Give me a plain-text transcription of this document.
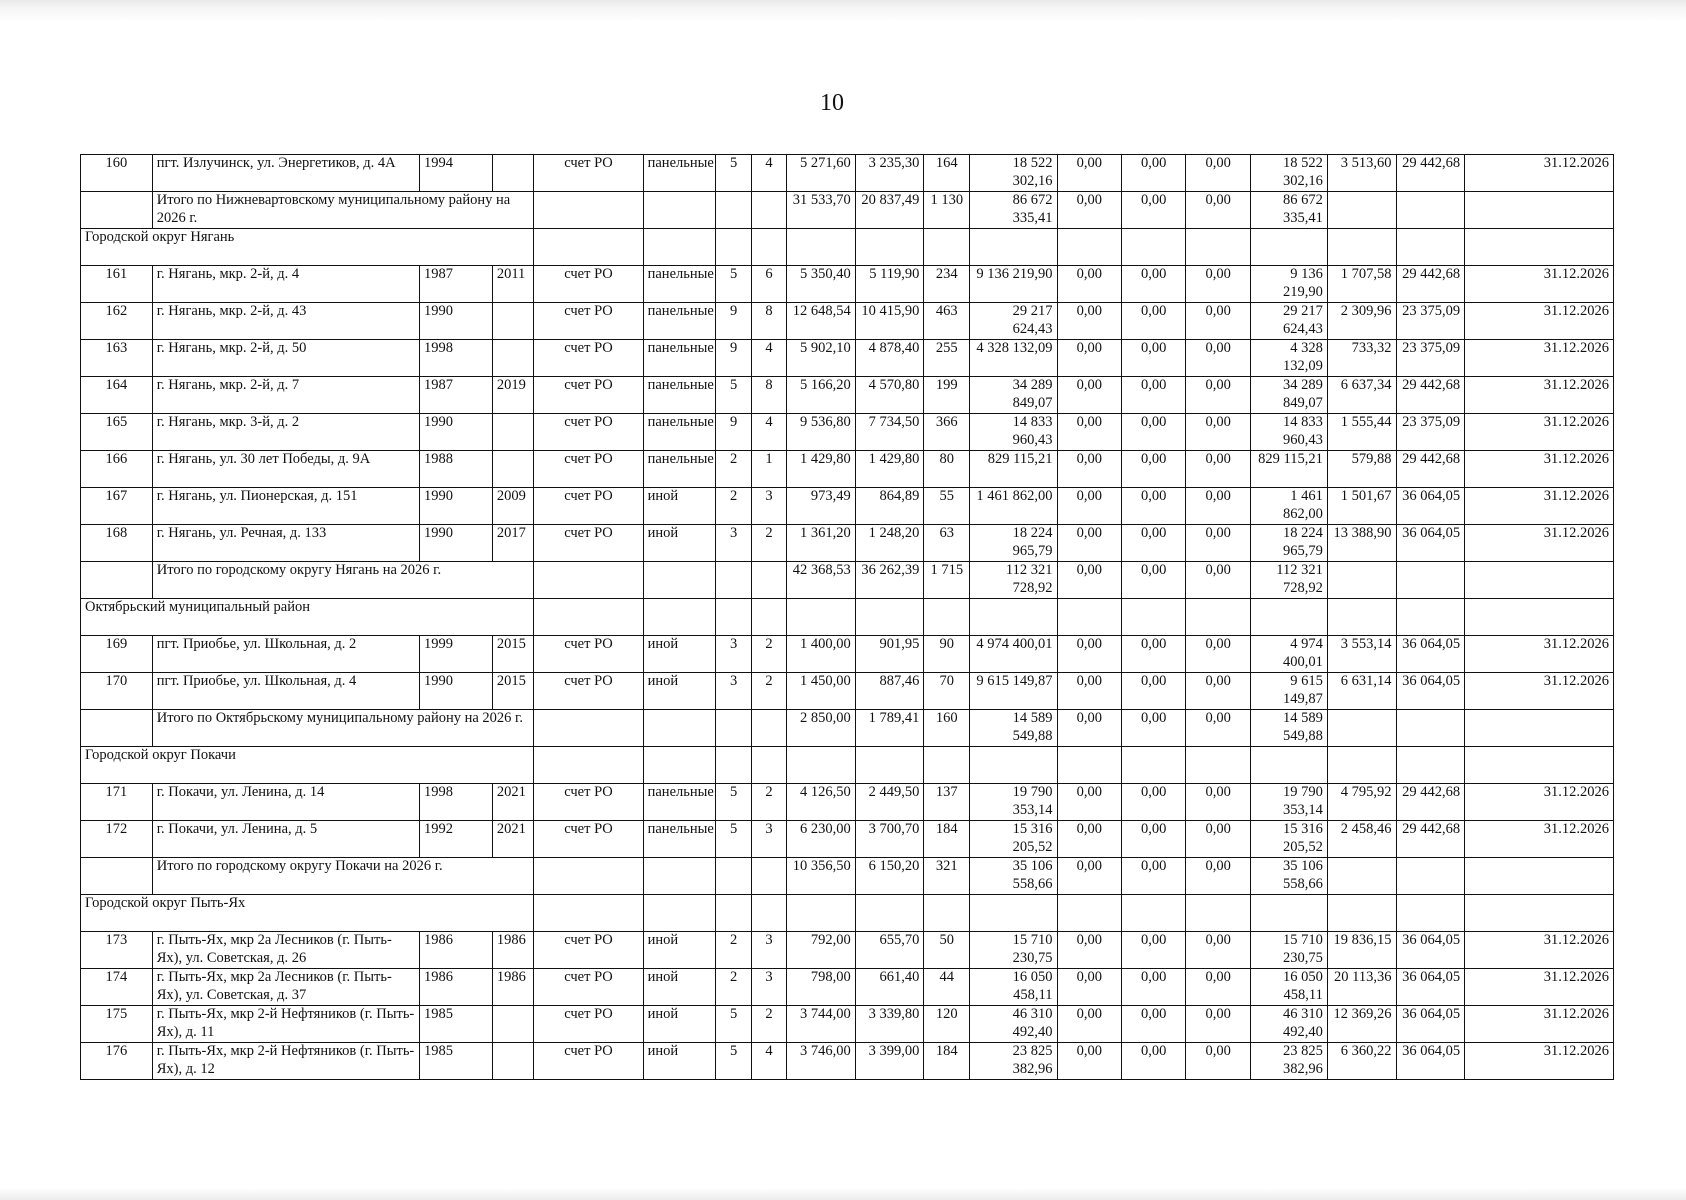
10
160	пгт. Излучинск, ул. Энергетиков, д. 4А	1994		счет РО	панельные	5	4	5 271,60	3 235,30	164	18 522 302,16	0,00	0,00	0,00	18 522 302,16	3 513,60	29 442,68	31.12.2026
	Итого по Нижневартовскому муниципальному району на 2026 г.							31 533,70	20 837,49	1 130	86 672 335,41	0,00	0,00	0,00	86 672 335,41			
Городской округ Нягань																		
161	г. Нягань, мкр. 2-й, д. 4	1987	2011	счет РО	панельные	5	6	5 350,40	5 119,90	234	9 136 219,90	0,00	0,00	0,00	9 136 219,90	1 707,58	29 442,68	31.12.2026
162	г. Нягань, мкр. 2-й, д. 43	1990		счет РО	панельные	9	8	12 648,54	10 415,90	463	29 217 624,43	0,00	0,00	0,00	29 217 624,43	2 309,96	23 375,09	31.12.2026
163	г. Нягань, мкр. 2-й, д. 50	1998		счет РО	панельные	9	4	5 902,10	4 878,40	255	4 328 132,09	0,00	0,00	0,00	4 328 132,09	733,32	23 375,09	31.12.2026
164	г. Нягань, мкр. 2-й, д. 7	1987	2019	счет РО	панельные	5	8	5 166,20	4 570,80	199	34 289 849,07	0,00	0,00	0,00	34 289 849,07	6 637,34	29 442,68	31.12.2026
165	г. Нягань, мкр. 3-й, д. 2	1990		счет РО	панельные	9	4	9 536,80	7 734,50	366	14 833 960,43	0,00	0,00	0,00	14 833 960,43	1 555,44	23 375,09	31.12.2026
166	г. Нягань, ул. 30 лет Победы, д. 9А	1988		счет РО	панельные	2	1	1 429,80	1 429,80	80	829 115,21	0,00	0,00	0,00	829 115,21	579,88	29 442,68	31.12.2026
167	г. Нягань, ул. Пионерская, д. 151	1990	2009	счет РО	иной	2	3	973,49	864,89	55	1 461 862,00	0,00	0,00	0,00	1 461 862,00	1 501,67	36 064,05	31.12.2026
168	г. Нягань, ул. Речная, д. 133	1990	2017	счет РО	иной	3	2	1 361,20	1 248,20	63	18 224 965,79	0,00	0,00	0,00	18 224 965,79	13 388,90	36 064,05	31.12.2026
	Итого по городскому округу Нягань на 2026 г.							42 368,53	36 262,39	1 715	112 321 728,92	0,00	0,00	0,00	112 321 728,92			
Октябрьский муниципальный район																		
169	пгт. Приобье, ул. Школьная, д. 2	1999	2015	счет РО	иной	3	2	1 400,00	901,95	90	4 974 400,01	0,00	0,00	0,00	4 974 400,01	3 553,14	36 064,05	31.12.2026
170	пгт. Приобье, ул. Школьная, д. 4	1990	2015	счет РО	иной	3	2	1 450,00	887,46	70	9 615 149,87	0,00	0,00	0,00	9 615 149,87	6 631,14	36 064,05	31.12.2026
	Итого по Октябрьскому муниципальному району на 2026 г.							2 850,00	1 789,41	160	14 589 549,88	0,00	0,00	0,00	14 589 549,88			
Городской округ Покачи																		
171	г. Покачи, ул. Ленина, д. 14	1998	2021	счет РО	панельные	5	2	4 126,50	2 449,50	137	19 790 353,14	0,00	0,00	0,00	19 790 353,14	4 795,92	29 442,68	31.12.2026
172	г. Покачи, ул. Ленина, д. 5	1992	2021	счет РО	панельные	5	3	6 230,00	3 700,70	184	15 316 205,52	0,00	0,00	0,00	15 316 205,52	2 458,46	29 442,68	31.12.2026
	Итого по городскому округу Покачи на 2026 г.							10 356,50	6 150,20	321	35 106 558,66	0,00	0,00	0,00	35 106 558,66			
Городской округ Пыть-Ях																		
173	г. Пыть-Ях, мкр 2а Лесников (г. Пыть-Ях), ул. Советская, д. 26	1986	1986	счет РО	иной	2	3	792,00	655,70	50	15 710 230,75	0,00	0,00	0,00	15 710 230,75	19 836,15	36 064,05	31.12.2026
174	г. Пыть-Ях, мкр 2а Лесников (г. Пыть-Ях), ул. Советская, д. 37	1986	1986	счет РО	иной	2	3	798,00	661,40	44	16 050 458,11	0,00	0,00	0,00	16 050 458,11	20 113,36	36 064,05	31.12.2026
175	г. Пыть-Ях, мкр 2-й Нефтяников (г. Пыть-Ях), д. 11	1985		счет РО	иной	5	2	3 744,00	3 339,80	120	46 310 492,40	0,00	0,00	0,00	46 310 492,40	12 369,26	36 064,05	31.12.2026
176	г. Пыть-Ях, мкр 2-й Нефтяников (г. Пыть-Ях), д. 12	1985		счет РО	иной	5	4	3 746,00	3 399,00	184	23 825 382,96	0,00	0,00	0,00	23 825 382,96	6 360,22	36 064,05	31.12.2026
